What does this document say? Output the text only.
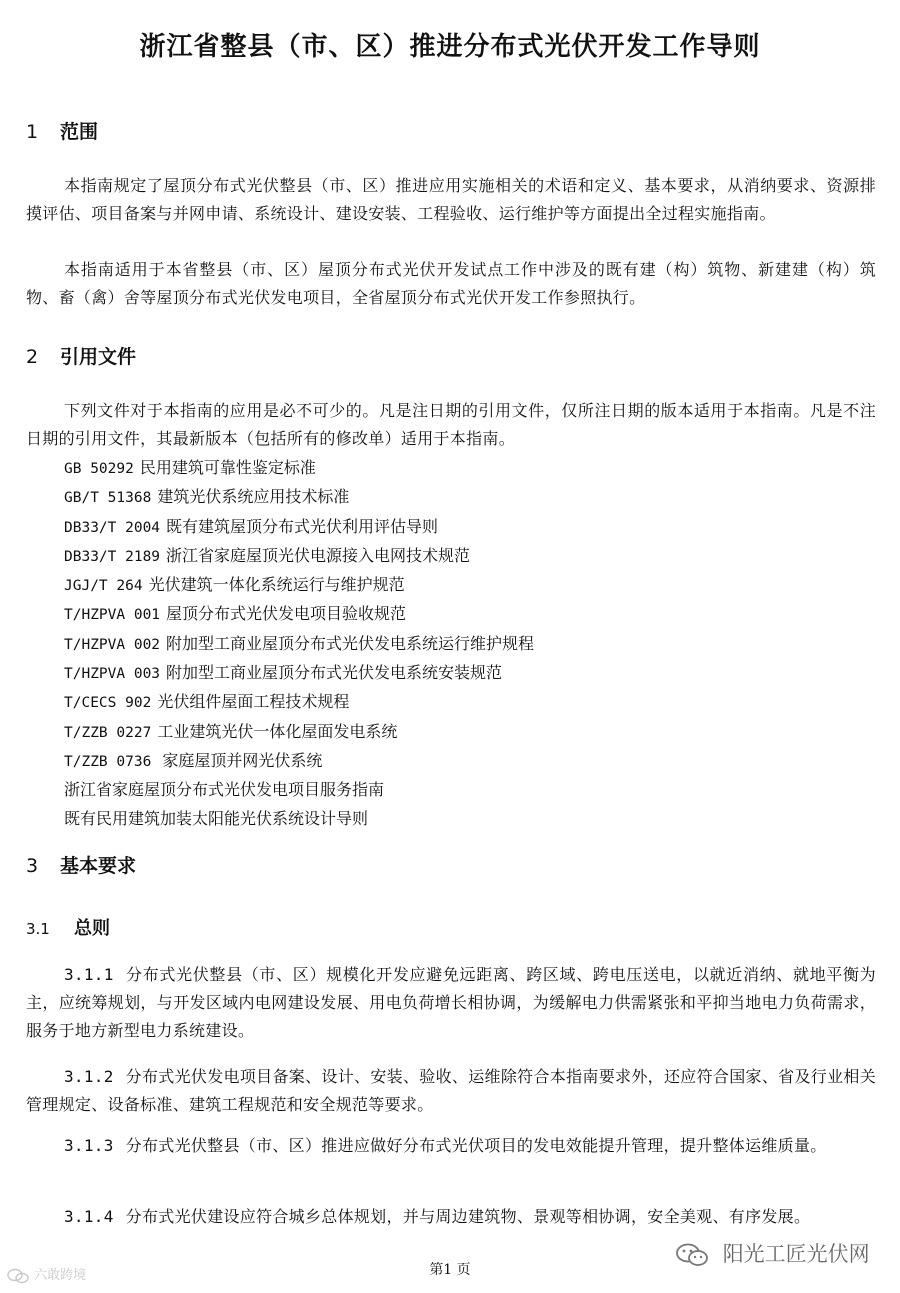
浙江省整县（市、区）推进分布式光伏开发工作导则
1 范围
本指南规定了屋顶分布式光伏整县（市、区）推进应用实施相关的术语和定义、基本要求，从消纳要求、资源排摸评估、项目备案与并网申请、系统设计、建设安装、工程验收、运行维护等方面提出全过程实施指南。
本指南适用于本省整县（市、区）屋顶分布式光伏开发试点工作中涉及的既有建（构）筑物、新建建（构）筑物、畜（禽）舍等屋顶分布式光伏发电项目，全省屋顶分布式光伏开发工作参照执行。
2 引用文件
下列文件对于本指南的应用是必不可少的。凡是注日期的引用文件，仅所注日期的版本适用于本指南。凡是不注日期的引用文件，其最新版本（包括所有的修改单）适用于本指南。
GB 50292 民用建筑可靠性鉴定标准
GB/T 51368 建筑光伏系统应用技术标准
DB33/T 2004 既有建筑屋顶分布式光伏利用评估导则
DB33/T 2189 浙江省家庭屋顶光伏电源接入电网技术规范
JGJ/T 264 光伏建筑一体化系统运行与维护规范
T/HZPVA 001 屋顶分布式光伏发电项目验收规范
T/HZPVA 002 附加型工商业屋顶分布式光伏发电系统运行维护规程
T/HZPVA 003 附加型工商业屋顶分布式光伏发电系统安装规范
T/CECS 902 光伏组件屋面工程技术规程
T/ZZB 0227 工业建筑光伏一体化屋面发电系统
T/ZZB 0736 家庭屋顶并网光伏系统
浙江省家庭屋顶分布式光伏发电项目服务指南
既有民用建筑加装太阳能光伏系统设计导则
3 基本要求
3.1 总则
3.1.1 分布式光伏整县（市、区）规模化开发应避免远距离、跨区域、跨电压送电，以就近消纳、就地平衡为主，应统筹规划，与开发区域内电网建设发展、用电负荷增长相协调，为缓解电力供需紧张和平抑当地电力负荷需求，服务于地方新型电力系统建设。
3.1.2 分布式光伏发电项目备案、设计、安装、验收、运维除符合本指南要求外，还应符合国家、省及行业相关管理规定、设备标准、建筑工程规范和安全规范等要求。
3.1.3 分布式光伏整县（市、区）推进应做好分布式光伏项目的发电效能提升管理，提升整体运维质量。
3.1.4 分布式光伏建设应符合城乡总体规划，并与周边建筑物、景观等相协调，安全美观、有序发展。
第1 页
六敢跨境
阳光工匠光伏网
